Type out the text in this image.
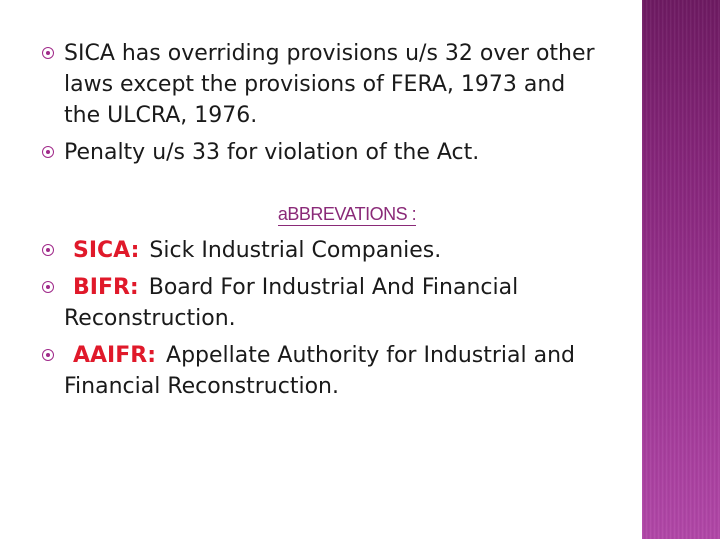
SICA has overriding provisions u/s 32 over other laws except the provisions of FERA, 1973 and the ULCRA, 1976.
Penalty u/s 33 for violation of the Act.
aBBREVATIONS :
SICA: Sick Industrial Companies.
BIFR: Board For Industrial And Financial Reconstruction.
AAIFR: Appellate Authority for Industrial and Financial Reconstruction.
